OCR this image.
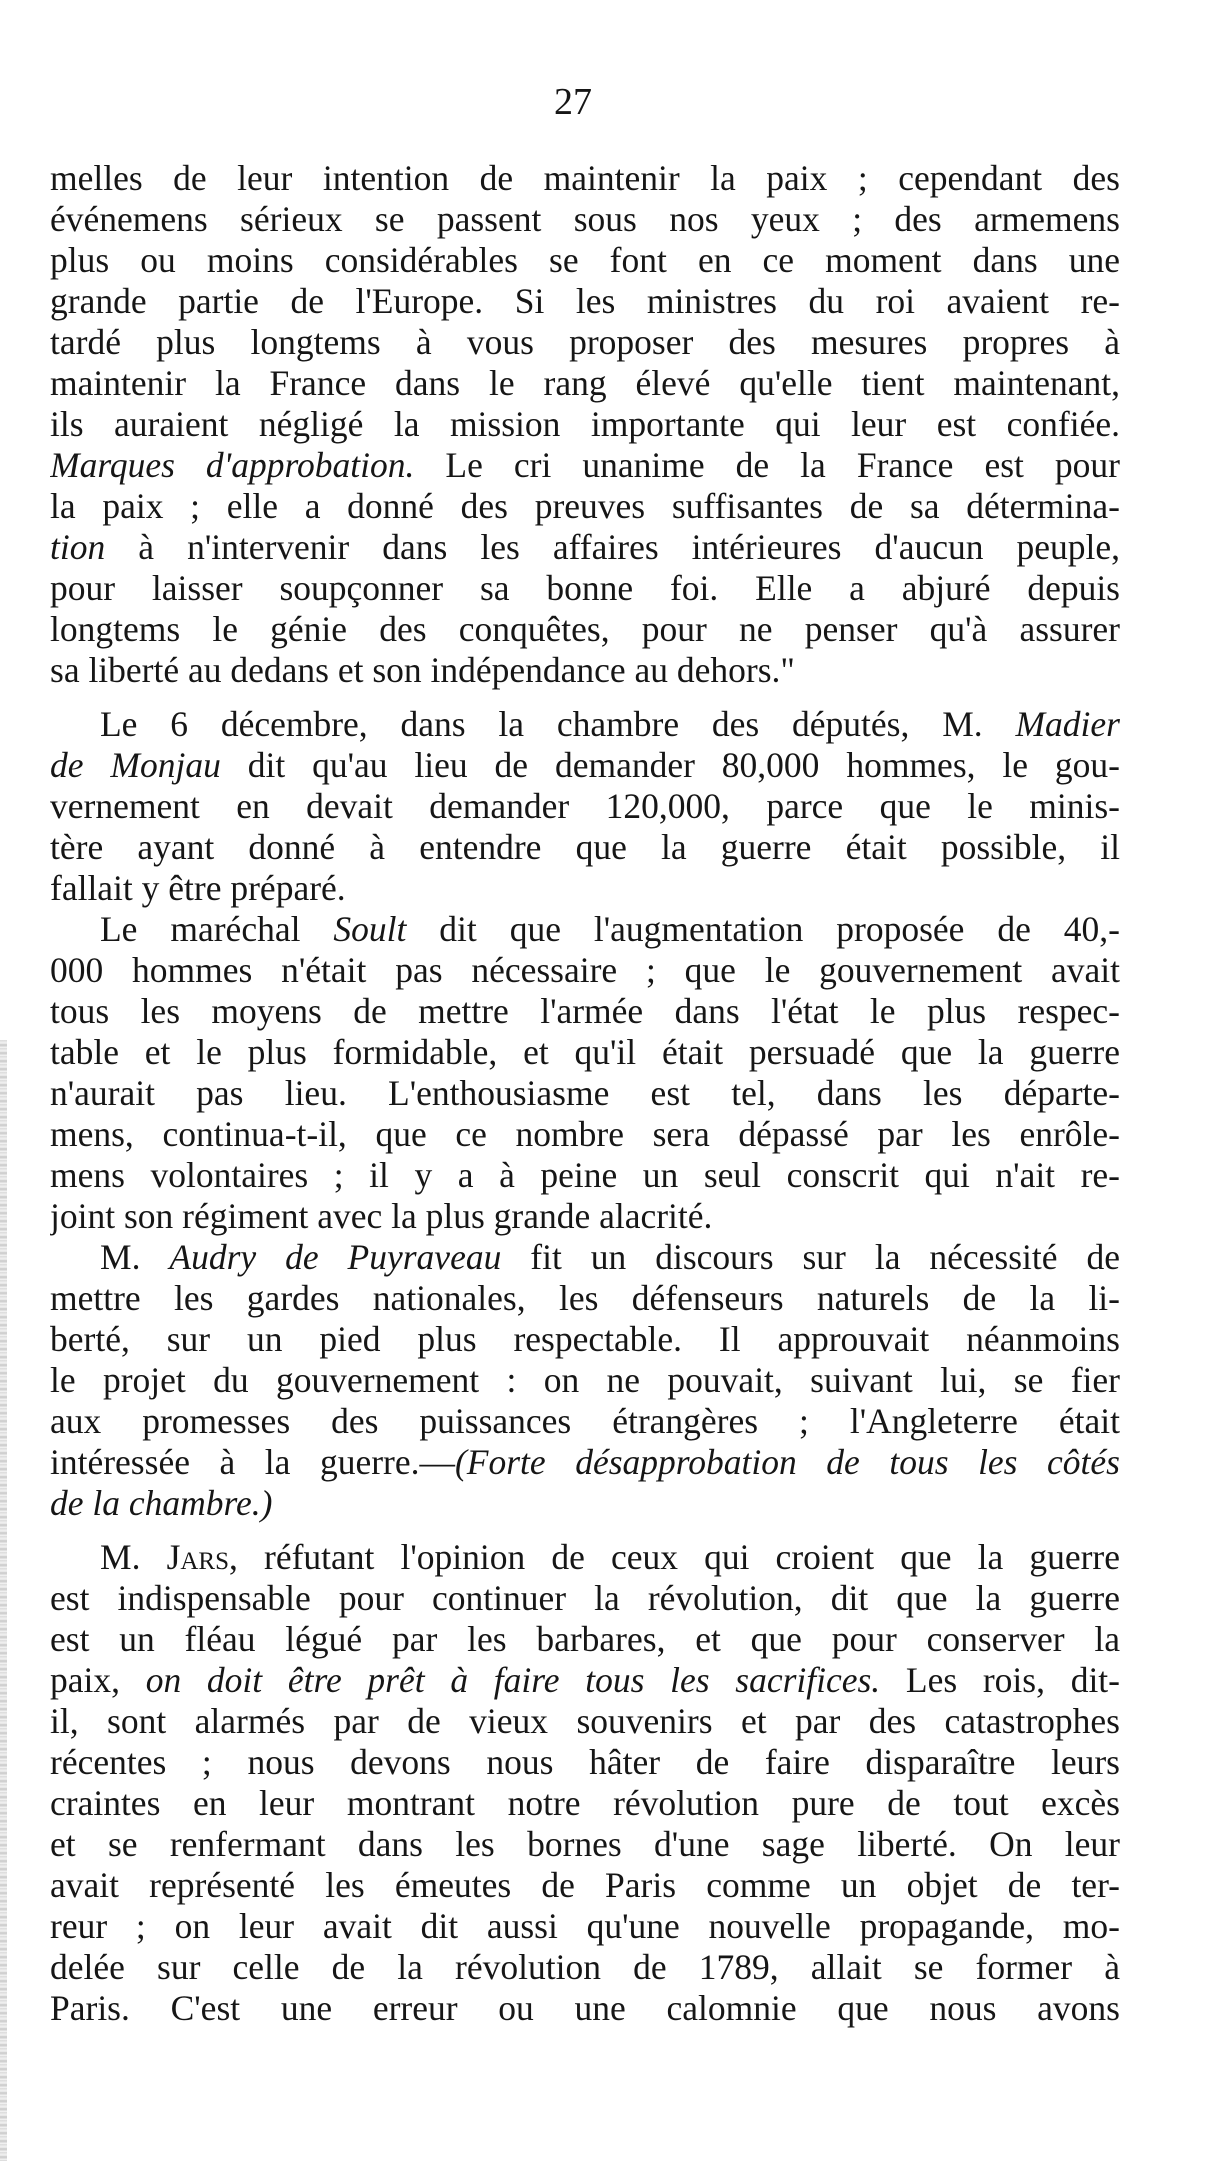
27
melles de leur intention de maintenir la paix ; cependant des
événemens sérieux se passent sous nos yeux ; des armemens
plus ou moins considérables se font en ce moment dans une
grande partie de l'Europe. Si les ministres du roi avaient re-
tardé plus longtems à vous proposer des mesures propres à
maintenir la France dans le rang élevé qu'elle tient maintenant,
ils auraient négligé la mission importante qui leur est confiée.
Marques d'approbation. Le cri unanime de la France est pour
la paix ; elle a donné des preuves suffisantes de sa détermina-
tion à n'intervenir dans les affaires intérieures d'aucun peuple,
pour laisser soupçonner sa bonne foi. Elle a abjuré depuis
longtems le génie des conquêtes, pour ne penser qu'à assurer
sa liberté au dedans et son indépendance au dehors."
Le 6 décembre, dans la chambre des députés, M. Madier
de Monjau dit qu'au lieu de demander 80,000 hommes, le gou-
vernement en devait demander 120,000, parce que le minis-
tère ayant donné à entendre que la guerre était possible, il
fallait y être préparé.
Le maréchal Soult dit que l'augmentation proposée de 40,-
000 hommes n'était pas nécessaire ; que le gouvernement avait
tous les moyens de mettre l'armée dans l'état le plus respec-
table et le plus formidable, et qu'il était persuadé que la guerre
n'aurait pas lieu. L'enthousiasme est tel, dans les départe-
mens, continua-t-il, que ce nombre sera dépassé par les enrôle-
mens volontaires ; il y a à peine un seul conscrit qui n'ait re-
joint son régiment avec la plus grande alacrité.
M. Audry de Puyraveau fit un discours sur la nécessité de
mettre les gardes nationales, les défenseurs naturels de la li-
berté, sur un pied plus respectable. Il approuvait néanmoins
le projet du gouvernement : on ne pouvait, suivant lui, se fier
aux promesses des puissances étrangères ; l'Angleterre était
intéressée à la guerre.—(Forte désapprobation de tous les côtés
de la chambre.)
M. Jars, réfutant l'opinion de ceux qui croient que la guerre
est indispensable pour continuer la révolution, dit que la guerre
est un fléau légué par les barbares, et que pour conserver la
paix, on doit être prêt à faire tous les sacrifices. Les rois, dit-
il, sont alarmés par de vieux souvenirs et par des catastrophes
récentes ; nous devons nous hâter de faire disparaître leurs
craintes en leur montrant notre révolution pure de tout excès
et se renfermant dans les bornes d'une sage liberté. On leur
avait représenté les émeutes de Paris comme un objet de ter-
reur ; on leur avait dit aussi qu'une nouvelle propagande, mo-
delée sur celle de la révolution de 1789, allait se former à
Paris. C'est une erreur ou une calomnie que nous avons
